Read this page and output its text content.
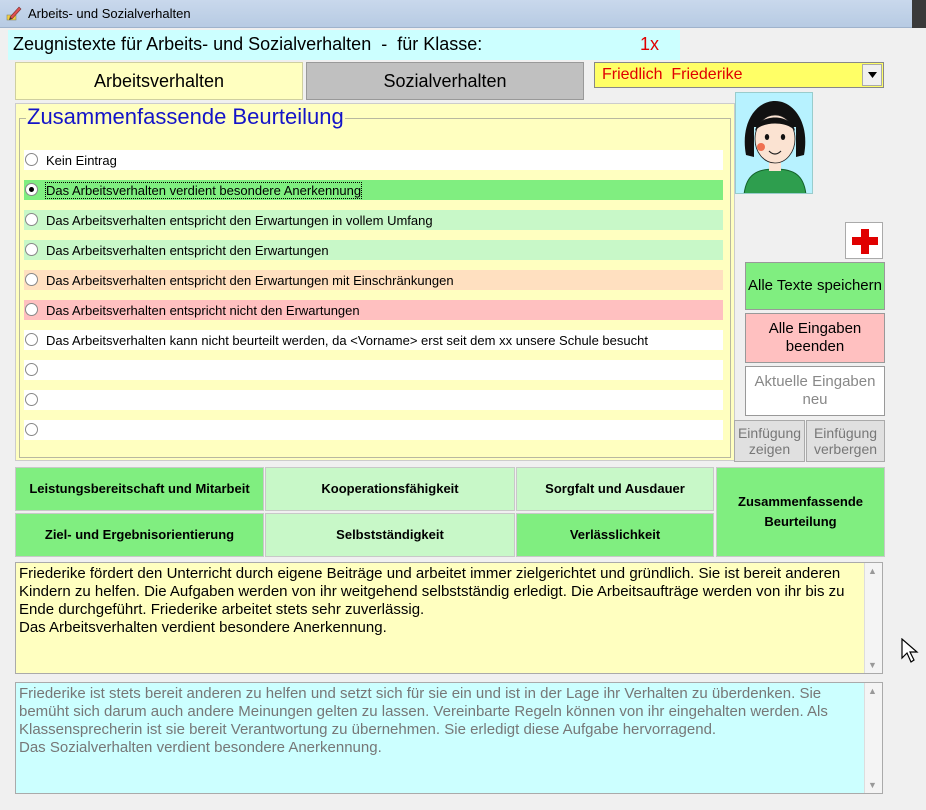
Arbeits- und Sozialverhalten
Zeugnistexte für Arbeits- und Sozialverhalten  -  für Klasse:	1x
Arbeitsverhalten	Sozialverhalten	Friedlich  Friederike
Zusammenfassende Beurteilung
Kein Eintrag
Das Arbeitsverhalten verdient besondere Anerkennung
Das Arbeitsverhalten entspricht den Erwartungen in vollem Umfang
Das Arbeitsverhalten entspricht den Erwartungen
Das Arbeitsverhalten entspricht den Erwartungen mit Einschränkungen
Das Arbeitsverhalten entspricht nicht den Erwartungen
Das Arbeitsverhalten kann nicht beurteilt werden, da <Vorname> erst seit dem xx unsere Schule besucht
Alle Texte speichern
Alle Eingaben beenden
Aktuelle Eingaben neu
Einfügung zeigen
Einfügung verbergen
Leistungsbereitschaft und Mitarbeit	Kooperationsfähigkeit	Sorgfalt und Ausdauer
Ziel- und Ergebnisorientierung	Selbstständigkeit	Verlässlichkeit
Zusammenfassende Beurteilung
Friederike fördert den Unterricht durch eigene Beiträge und arbeitet immer zielgerichtet und gründlich. Sie ist bereit anderen Kindern zu helfen. Die Aufgaben werden von ihr weitgehend selbstständig erledigt. Die Arbeitsaufträge werden von ihr bis zu Ende durchgeführt. Friederike arbeitet stets sehr zuverlässig.
Das Arbeitsverhalten verdient besondere Anerkennung.
▲
▼
Friederike ist stets bereit anderen zu helfen und setzt sich für sie ein und ist in der Lage ihr Verhalten zu überdenken. Sie bemüht sich darum auch andere Meinungen gelten zu lassen. Vereinbarte Regeln können von ihr eingehalten werden. Als Klassensprecherin ist sie bereit Verantwortung zu übernehmen. Sie erledigt diese Aufgabe hervorragend.
Das Sozialverhalten verdient besondere Anerkennung.
▲
▼
